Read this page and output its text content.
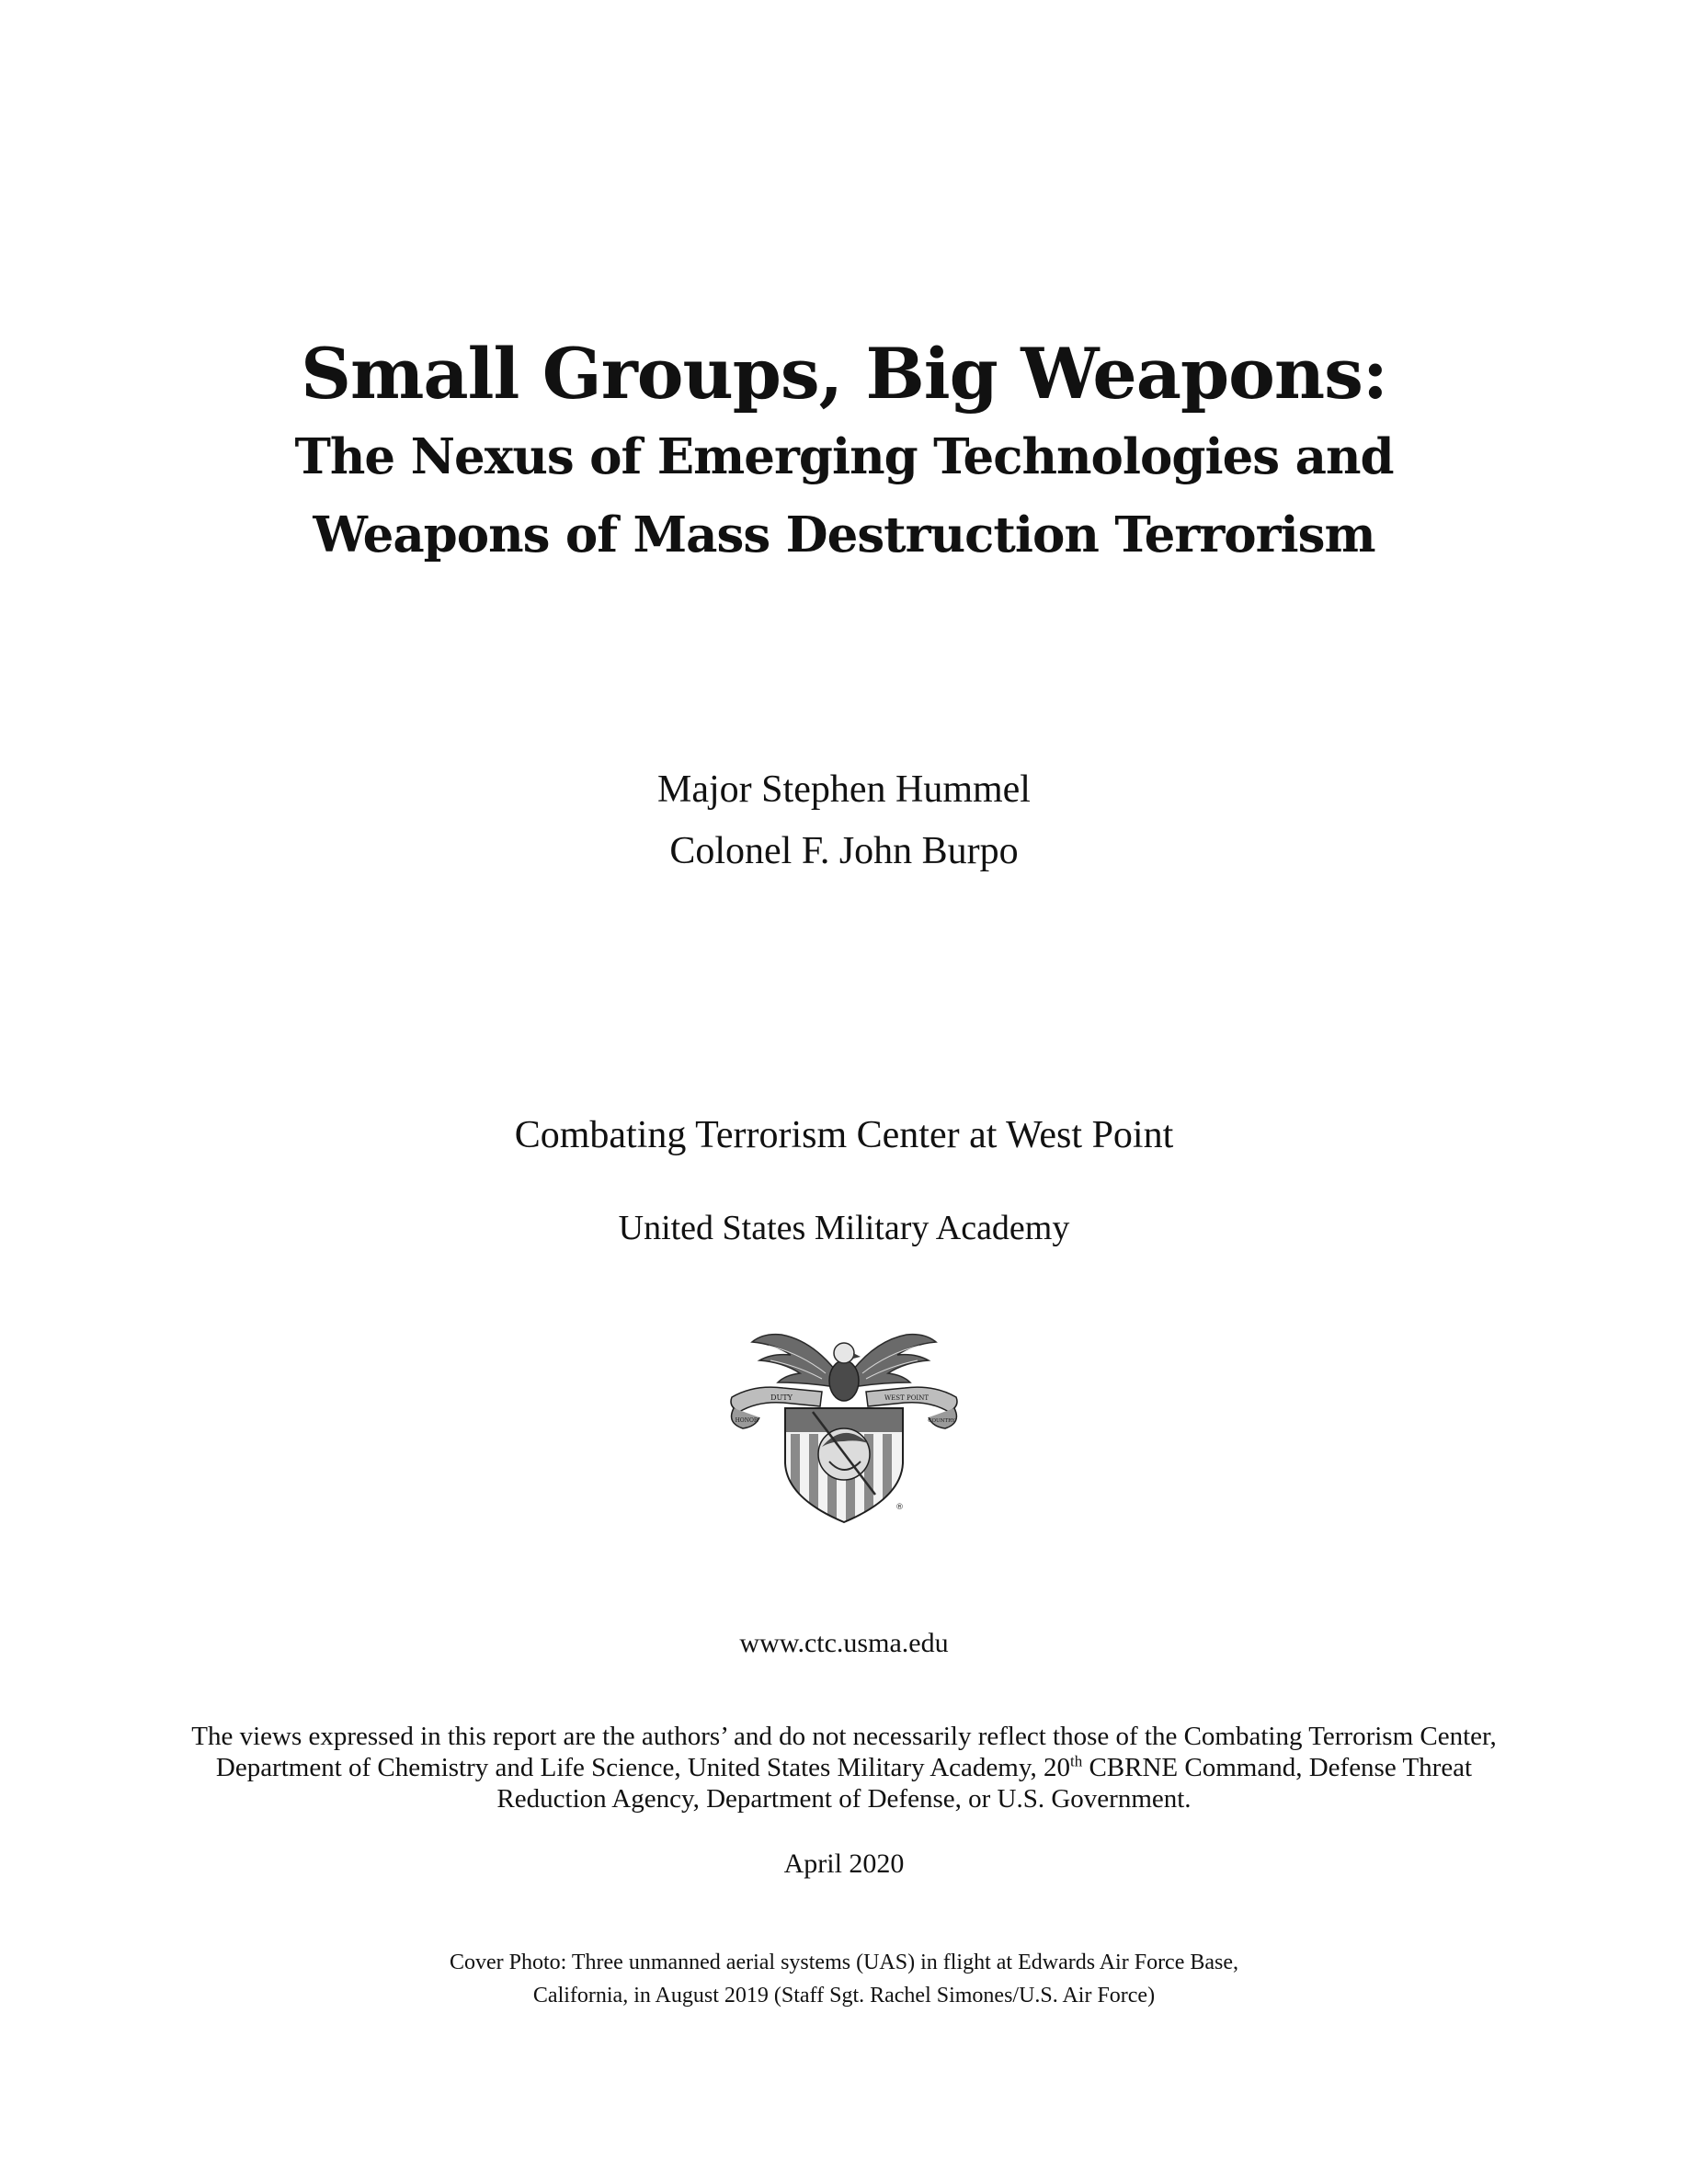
Small Groups, Big Weapons:
The Nexus of Emerging Technologies and
Weapons of Mass Destruction Terrorism
Major Stephen Hummel
Colonel F. John Burpo
Combating Terrorism Center at West Point
United States Military Academy
DUTY
HONOR
WEST POINT
COUNTRY
®
www.ctc.usma.edu
The views expressed in this report are the authors’ and do not necessarily reflect those of the Combating Terrorism Center, Department of Chemistry and Life Science, United States Military Academy, 20th CBRNE Command, Defense Threat Reduction Agency, Department of Defense, or U.S. Government.
April 2020
Cover Photo: Three unmanned aerial systems (UAS) in flight at Edwards Air Force Base,
California, in August 2019 (Staff Sgt. Rachel Simones/U.S. Air Force)
